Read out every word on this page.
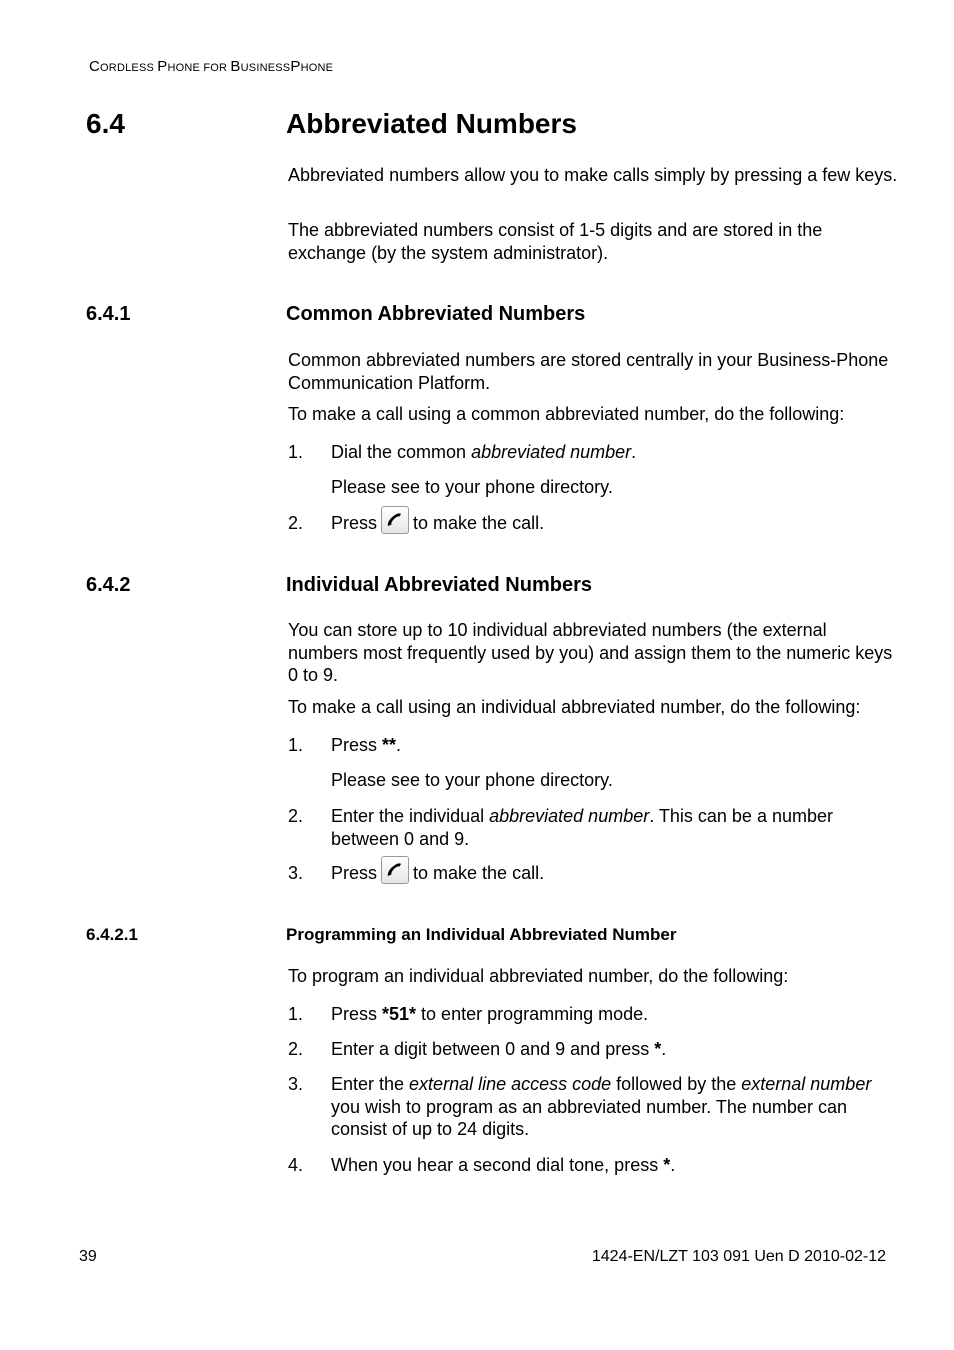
CORDLESS PHONE FOR BUSINESSPHONE
6.4	Abbreviated Numbers
Abbreviated numbers allow you to make calls simply by pressing a few keys.
The abbreviated numbers consist of 1-5 digits and are stored in the exchange (by the system administrator).
6.4.1	Common Abbreviated Numbers
Common abbreviated numbers are stored centrally in your Business-Phone Communication Platform.
To make a call using a common abbreviated number, do the following:
1. Dial the common abbreviated number.
Please see to your phone directory.
2. Press to make the call.
6.4.2	Individual Abbreviated Numbers
You can store up to 10 individual abbreviated numbers (the external numbers most frequently used by you) and assign them to the numeric keys 0 to 9.
To make a call using an individual abbreviated number, do the following:
1. Press **.
Please see to your phone directory.
2. Enter the individual abbreviated number. This can be a number between 0 and 9.
3. Press to make the call.
6.4.2.1	Programming an Individual Abbreviated Number
To program an individual abbreviated number, do the following:
1. Press *51* to enter programming mode.
2. Enter a digit between 0 and 9 and press *.
3. Enter the external line access code followed by the external number you wish to program as an abbreviated number. The number can consist of up to 24 digits.
4. When you hear a second dial tone, press *.
39	1424-EN/LZT 103 091 Uen D 2010-02-12
